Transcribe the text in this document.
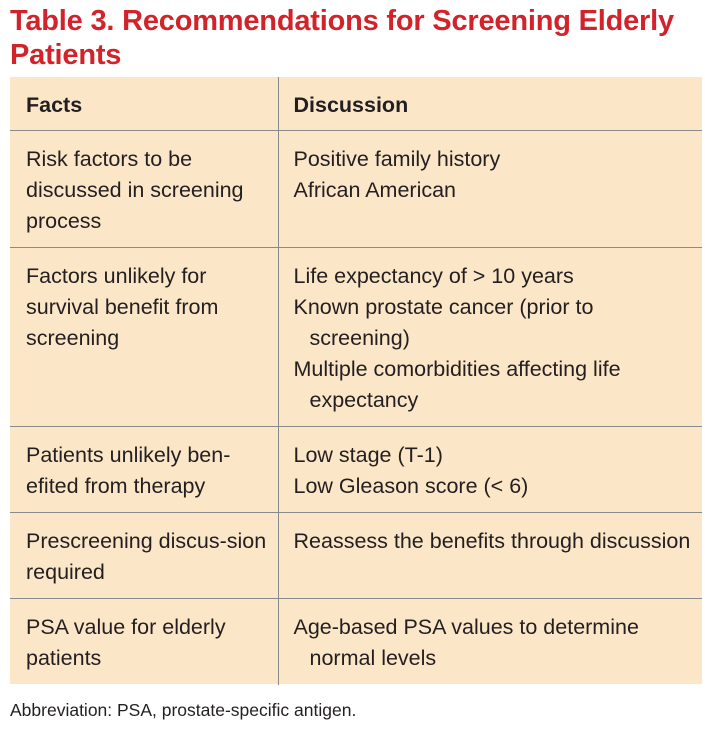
Table 3. Recommendations for Screening Elderly Patients
Facts	Discussion

Risk factors to be discussed in screening process	Positive family history
African American

Factors unlikely for survival benefit from screening	Life expectancy of > 10 years
Known prostate cancer (prior to screening)
Multiple comorbidities affecting life expectancy

Patients unlikely ben-efited from therapy	Low stage (T-1)
Low Gleason score (< 6)

Prescreening discus-sion required	Reassess the benefits through discussion

PSA value for elderly patients	Age-based PSA values to determine normal levels

Abbreviation: PSA, prostate-specific antigen.
